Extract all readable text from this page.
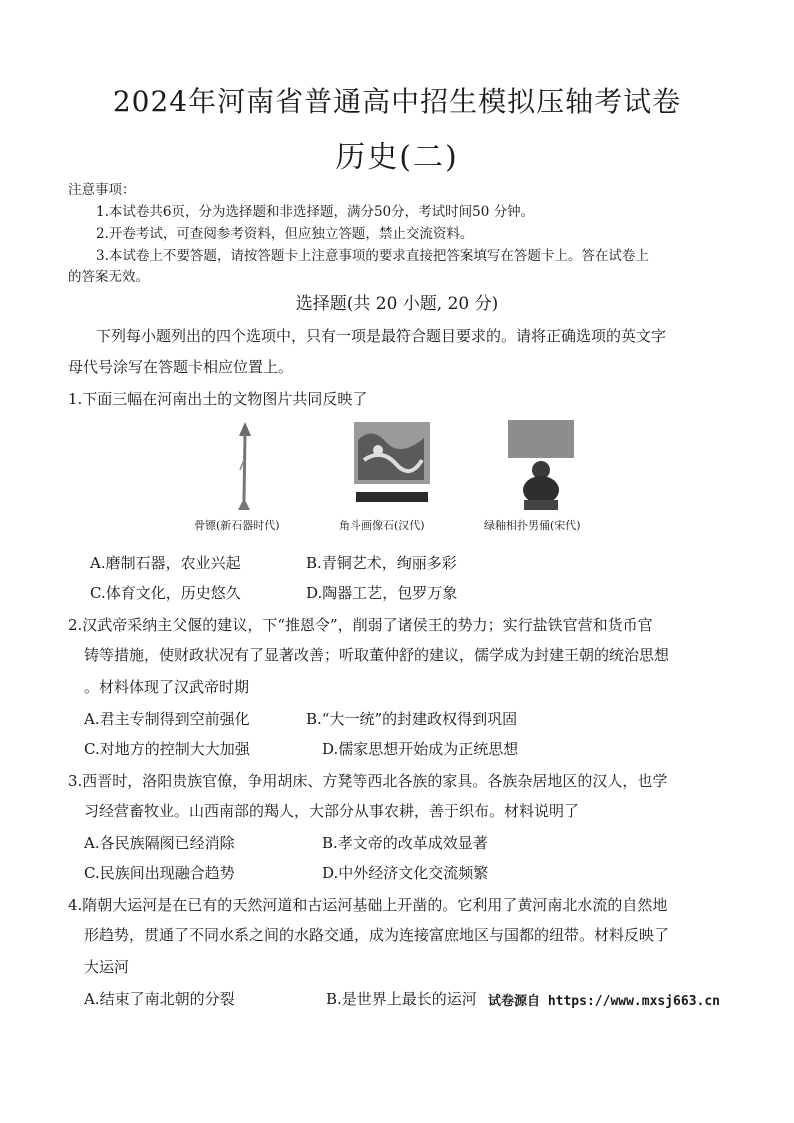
2024年河南省普通高中招生模拟压轴考试卷
历史(二)
注意事项：
1.本试卷共6页，分为选择题和非选择题，满分50分，考试时间50 分钟。
2.开卷考试，可查阅参考资料，但应独立答题，禁止交流资料。
3.本试卷上不要答题，请按答题卡上注意事项的要求直接把答案填写在答题卡上。答在试卷上
的答案无效。
选择题(共 20 小题, 20 分)
下列每小题列出的四个选项中，只有一项是最符合题目要求的。请将正确选项的英文字
母代号涂写在答题卡相应位置上。
1.下面三幅在河南出土的文物图片共同反映了
骨镖(新石器时代)	角斗画像石(汉代)	绿釉相扑男俑(宋代)
A.磨制石器，农业兴起	B.青铜艺术，绚丽多彩
C.体育文化，历史悠久	D.陶器工艺，包罗万象
2.汉武帝采纳主父偃的建议，下“推恩令”，削弱了诸侯王的势力；实行盐铁官营和货币官
铸等措施，使财政状况有了显著改善；听取董仲舒的建议，儒学成为封建王朝的统治思想
。材料体现了汉武帝时期
A.君主专制得到空前强化	B.“大一统”的封建政权得到巩固
C.对地方的控制大大加强	D.儒家思想开始成为正统思想
3.西晋时，洛阳贵族官僚，争用胡床、方凳等西北各族的家具。各族杂居地区的汉人，也学
习经营畜牧业。山西南部的羯人，大部分从事农耕，善于织布。材料说明了
A.各民族隔阂已经消除	B.孝文帝的改革成效显著
C.民族间出现融合趋势	D.中外经济文化交流频繁
4.隋朝大运河是在已有的天然河道和古运河基础上开凿的。它利用了黄河南北水流的自然地
形趋势，贯通了不同水系之间的水路交通，成为连接富庶地区与国都的纽带。材料反映了
大运河
A.结束了南北朝的分裂	B.是世界上最长的运河 试卷源自 https://www.mxsj663.cn
